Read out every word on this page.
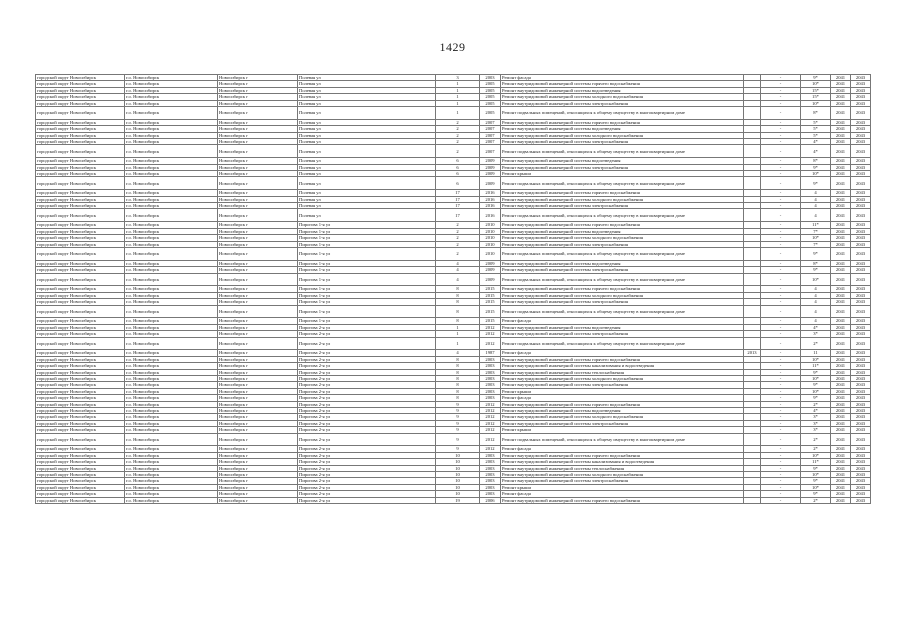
1429
городской округ Новосибирск	г.о. Новосибирск	Новосибирск г	Полевая ул	3	2003	Ремонт фасада		-	9*	2041	2043
городской округ Новосибирск	г.о. Новосибирск	Новосибирск г	Полевая ул	1	2005	Ремонт внутридомовой инженерной системы горячего водоснабжения		-	10*	2041	2043
городской округ Новосибирск	г.о. Новосибирск	Новосибирск г	Полевая ул	1	2005	Ремонт внутридомовой инженерной системы водоотведения		-	15*	2041	2043
городской округ Новосибирск	г.о. Новосибирск	Новосибирск г	Полевая ул	1	2005	Ремонт внутридомовой инженерной системы холодного водоснабжения		-	15*	2041	2043
городской округ Новосибирск	г.о. Новосибирск	Новосибирск г	Полевая ул	1	2005	Ремонт внутридомовой инженерной системы электроснабжения		-	10*	2041	2043
городской округ Новосибирск	г.о. Новосибирск	Новосибирск г	Полевая ул	1	2005	Ремонт подвальных помещений, относящихся к общему имуществу в многоквартирном доме		-	8*	2041	2043
городской округ Новосибирск	г.о. Новосибирск	Новосибирск г	Полевая ул	2	2007	Ремонт внутридомовой инженерной системы горячего водоснабжения		-	5*	2041	2043
городской округ Новосибирск	г.о. Новосибирск	Новосибирск г	Полевая ул	2	2007	Ремонт внутридомовой инженерной системы водоотведения		-	5*	2041	2043
городской округ Новосибирск	г.о. Новосибирск	Новосибирск г	Полевая ул	2	2007	Ремонт внутридомовой инженерной системы холодного водоснабжения		-	5*	2041	2043
городской округ Новосибирск	г.о. Новосибирск	Новосибирск г	Полевая ул	2	2007	Ремонт внутридомовой инженерной системы электроснабжения		-	4*	2041	2043
городской округ Новосибирск	г.о. Новосибирск	Новосибирск г	Полевая ул	2	2007	Ремонт подвальных помещений, относящихся к общему имуществу в многоквартирном доме		-	4*	2041	2043
городской округ Новосибирск	г.о. Новосибирск	Новосибирск г	Полевая ул	6	2009	Ремонт внутридомовой инженерной системы водоотведения		-	8*	2041	2043
городской округ Новосибирск	г.о. Новосибирск	Новосибирск г	Полевая ул	6	2009	Ремонт внутридомовой инженерной системы электроснабжения		-	9*	2041	2043
городской округ Новосибирск	г.о. Новосибирск	Новосибирск г	Полевая ул	6	2009	Ремонт крыши		-	10*	2041	2043
городской округ Новосибирск	г.о. Новосибирск	Новосибирск г	Полевая ул	6	2009	Ремонт подвальных помещений, относящихся к общему имуществу в многоквартирном доме		-	9*	2041	2043
городской округ Новосибирск	г.о. Новосибирск	Новосибирск г	Полевая ул	17	2016	Ремонт внутридомовой инженерной системы горячего водоснабжения		-	4	2041	2043
городской округ Новосибирск	г.о. Новосибирск	Новосибирск г	Полевая ул	17	2016	Ремонт внутридомовой инженерной системы холодного водоснабжения		-	4	2041	2043
городской округ Новосибирск	г.о. Новосибирск	Новосибирск г	Полевая ул	17	2016	Ремонт внутридомовой инженерной системы электроснабжения		-	4	2041	2043
городской округ Новосибирск	г.о. Новосибирск	Новосибирск г	Полевая ул	17	2016	Ремонт подвальных помещений, относящихся к общему имуществу в многоквартирном доме		-	4	2041	2043
городской округ Новосибирск	г.о. Новосибирск	Новосибирск г	Пирогова 1-я ул	2	2010	Ремонт внутридомовой инженерной системы горячего водоснабжения		-	11*	2041	2043
городской округ Новосибирск	г.о. Новосибирск	Новосибирск г	Пирогова 1-я ул	2	2010	Ремонт внутридомовой инженерной системы водоотведения		-	7*	2041	2043
городской округ Новосибирск	г.о. Новосибирск	Новосибирск г	Пирогова 1-я ул	2	2010	Ремонт внутридомовой инженерной системы холодного водоснабжения		-	10*	2041	2043
городской округ Новосибирск	г.о. Новосибирск	Новосибирск г	Пирогова 1-я ул	2	2010	Ремонт внутридомовой инженерной системы электроснабжения		-	7*	2041	2043
городской округ Новосибирск	г.о. Новосибирск	Новосибирск г	Пирогова 1-я ул	2	2010	Ремонт подвальных помещений, относящихся к общему имуществу в многоквартирном доме		-	9*	2041	2043
городской округ Новосибирск	г.о. Новосибирск	Новосибирск г	Пирогова 1-я ул	4	2009	Ремонт внутридомовой инженерной системы водоотведения		-	8*	2041	2043
городской округ Новосибирск	г.о. Новосибирск	Новосибирск г	Пирогова 1-я ул	4	2009	Ремонт внутридомовой инженерной системы электроснабжения		-	9*	2041	2043
городской округ Новосибирск	г.о. Новосибирск	Новосибирск г	Пирогова 1-я ул	4	2009	Ремонт подвальных помещений, относящихся к общему имуществу в многоквартирном доме		-	10*	2041	2043
городской округ Новосибирск	г.о. Новосибирск	Новосибирск г	Пирогова 1-я ул	8	2015	Ремонт внутридомовой инженерной системы горячего водоснабжения		-	4	2041	2043
городской округ Новосибирск	г.о. Новосибирск	Новосибирск г	Пирогова 1-я ул	8	2015	Ремонт внутридомовой инженерной системы холодного водоснабжения		-	4	2041	2043
городской округ Новосибирск	г.о. Новосибирск	Новосибирск г	Пирогова 1-я ул	8	2015	Ремонт внутридомовой инженерной системы электроснабжения		-	4	2041	2043
городской округ Новосибирск	г.о. Новосибирск	Новосибирск г	Пирогова 1-я ул	8	2015	Ремонт подвальных помещений, относящихся к общему имуществу в многоквартирном доме		-	4	2041	2043
городской округ Новосибирск	г.о. Новосибирск	Новосибирск г	Пирогова 1-я ул	8	2015	Ремонт фасада		-	4	2041	2043
городской округ Новосибирск	г.о. Новосибирск	Новосибирск г	Пирогова 2-я ул	1	2012	Ремонт внутридомовой инженерной системы водоотведения		-	4*	2041	2043
городской округ Новосибирск	г.о. Новосибирск	Новосибирск г	Пирогова 2-я ул	1	2012	Ремонт внутридомовой инженерной системы электроснабжения		-	3*	2041	2043
городской округ Новосибирск	г.о. Новосибирск	Новосибирск г	Пирогова 2-я ул	1	2012	Ремонт подвальных помещений, относящихся к общему имуществу в многоквартирном доме		-	2*	2041	2043
городской округ Новосибирск	г.о. Новосибирск	Новосибирск г	Пирогова 2-я ул	4	1987	Ремонт фасада	2013	-	11	2041	2043
городской округ Новосибирск	г.о. Новосибирск	Новосибирск г	Пирогова 2-я ул	8	2003	Ремонт внутридомовой инженерной системы горячего водоснабжения		-	10*	2041	2043
городской округ Новосибирск	г.о. Новосибирск	Новосибирск г	Пирогова 2-я ул	8	2003	Ремонт внутридомовой инженерной системы канализования и водоотведения		-	11*	2041	2043
городской округ Новосибирск	г.о. Новосибирск	Новосибирск г	Пирогова 2-я ул	8	2003	Ремонт внутридомовой инженерной системы теплоснабжения		-	9*	2041	2043
городской округ Новосибирск	г.о. Новосибирск	Новосибирск г	Пирогова 2-я ул	8	2003	Ремонт внутридомовой инженерной системы холодного водоснабжения		-	10*	2041	2043
городской округ Новосибирск	г.о. Новосибирск	Новосибирск г	Пирогова 2-я ул	8	2003	Ремонт внутридомовой инженерной системы электроснабжения		-	9*	2041	2043
городской округ Новосибирск	г.о. Новосибирск	Новосибирск г	Пирогова 2-я ул	8	2003	Ремонт крыши		-	10*	2041	2043
городской округ Новосибирск	г.о. Новосибирск	Новосибирск г	Пирогова 2-я ул	8	2003	Ремонт фасада		-	9*	2041	2043
городской округ Новосибирск	г.о. Новосибирск	Новосибирск г	Пирогова 2-я ул	9	2012	Ремонт внутридомовой инженерной системы горячего водоснабжения		-	2*	2041	2043
городской округ Новосибирск	г.о. Новосибирск	Новосибирск г	Пирогова 2-я ул	9	2012	Ремонт внутридомовой инженерной системы водоотведения		-	4*	2041	2043
городской округ Новосибирск	г.о. Новосибирск	Новосибирск г	Пирогова 2-я ул	9	2012	Ремонт внутридомовой инженерной системы холодного водоснабжения		-	3*	2041	2043
городской округ Новосибирск	г.о. Новосибирск	Новосибирск г	Пирогова 2-я ул	9	2012	Ремонт внутридомовой инженерной системы электроснабжения		-	3*	2041	2043
городской округ Новосибирск	г.о. Новосибирск	Новосибирск г	Пирогова 2-я ул	9	2012	Ремонт крыши		-	3*	2041	2043
городской округ Новосибирск	г.о. Новосибирск	Новосибирск г	Пирогова 2-я ул	9	2012	Ремонт подвальных помещений, относящихся к общему имуществу в многоквартирном доме		-	2*	2041	2043
городской округ Новосибирск	г.о. Новосибирск	Новосибирск г	Пирогова 2-я ул	9	2012	Ремонт фасада		-	2*	2041	2043
городской округ Новосибирск	г.о. Новосибирск	Новосибирск г	Пирогова 2-я ул	10	2003	Ремонт внутридомовой инженерной системы горячего водоснабжения		-	10*	2041	2043
городской округ Новосибирск	г.о. Новосибирск	Новосибирск г	Пирогова 2-я ул	10	2003	Ремонт внутридомовой инженерной системы канализования и водоотведения		-	11*	2041	2043
городской округ Новосибирск	г.о. Новосибирск	Новосибирск г	Пирогова 2-я ул	10	2003	Ремонт внутридомовой инженерной системы теплоснабжения		-	9*	2041	2043
городской округ Новосибирск	г.о. Новосибирск	Новосибирск г	Пирогова 2-я ул	10	2003	Ремонт внутридомовой инженерной системы холодного водоснабжения		-	10*	2041	2043
городской округ Новосибирск	г.о. Новосибирск	Новосибирск г	Пирогова 2-я ул	10	2003	Ремонт внутридомовой инженерной системы электроснабжения		-	9*	2041	2043
городской округ Новосибирск	г.о. Новосибирск	Новосибирск г	Пирогова 2-я ул	10	2003	Ремонт крыши		-	10*	2041	2043
городской округ Новосибирск	г.о. Новосибирск	Новосибирск г	Пирогова 2-я ул	10	2003	Ремонт фасада		-	9*	2041	2043
городской округ Новосибирск	г.о. Новосибирск	Новосибирск г	Пирогова 2-я ул	19	2006	Ремонт внутридомовой инженерной системы горячего водоснабжения		-	2*	2041	2043
